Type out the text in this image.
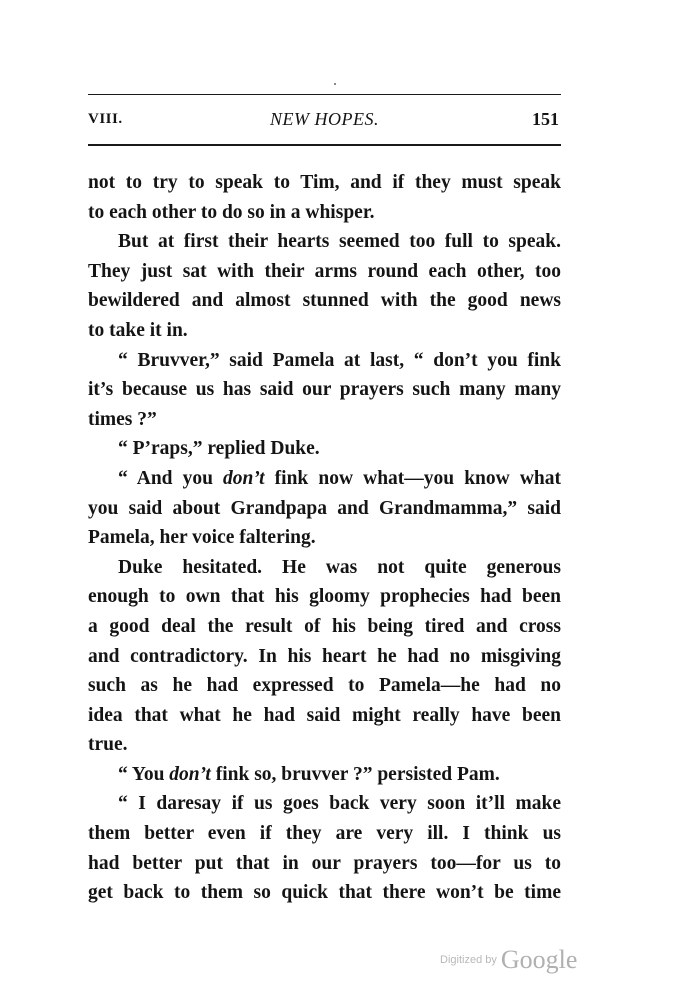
VIII.	NEW HOPES.	151
not to try to speak to Tim, and if they must speak
to each other to do so in a whisper.
But at first their hearts seemed too full to speak.
They just sat with their arms round each other, too
bewildered and almost stunned with the good news
to take it in.
“ Bruvver,” said Pamela at last, “ don’t you fink
it’s because us has said our prayers such many many
times ?”
“ P’raps,” replied Duke.
“ And you don’t fink now what—you know what
you said about Grandpapa and Grandmamma,” said
Pamela, her voice faltering.
Duke hesitated. He was not quite generous
enough to own that his gloomy prophecies had been
a good deal the result of his being tired and cross
and contradictory. In his heart he had no misgiving
such as he had expressed to Pamela—he had no
idea that what he had said might really have been
true.
“ You don’t fink so, bruvver ?” persisted Pam.
“ I daresay if us goes back very soon it’ll make
them better even if they are very ill. I think us
had better put that in our prayers too—for us to
get back to them so quick that there won’t be time
Digitized by Google
